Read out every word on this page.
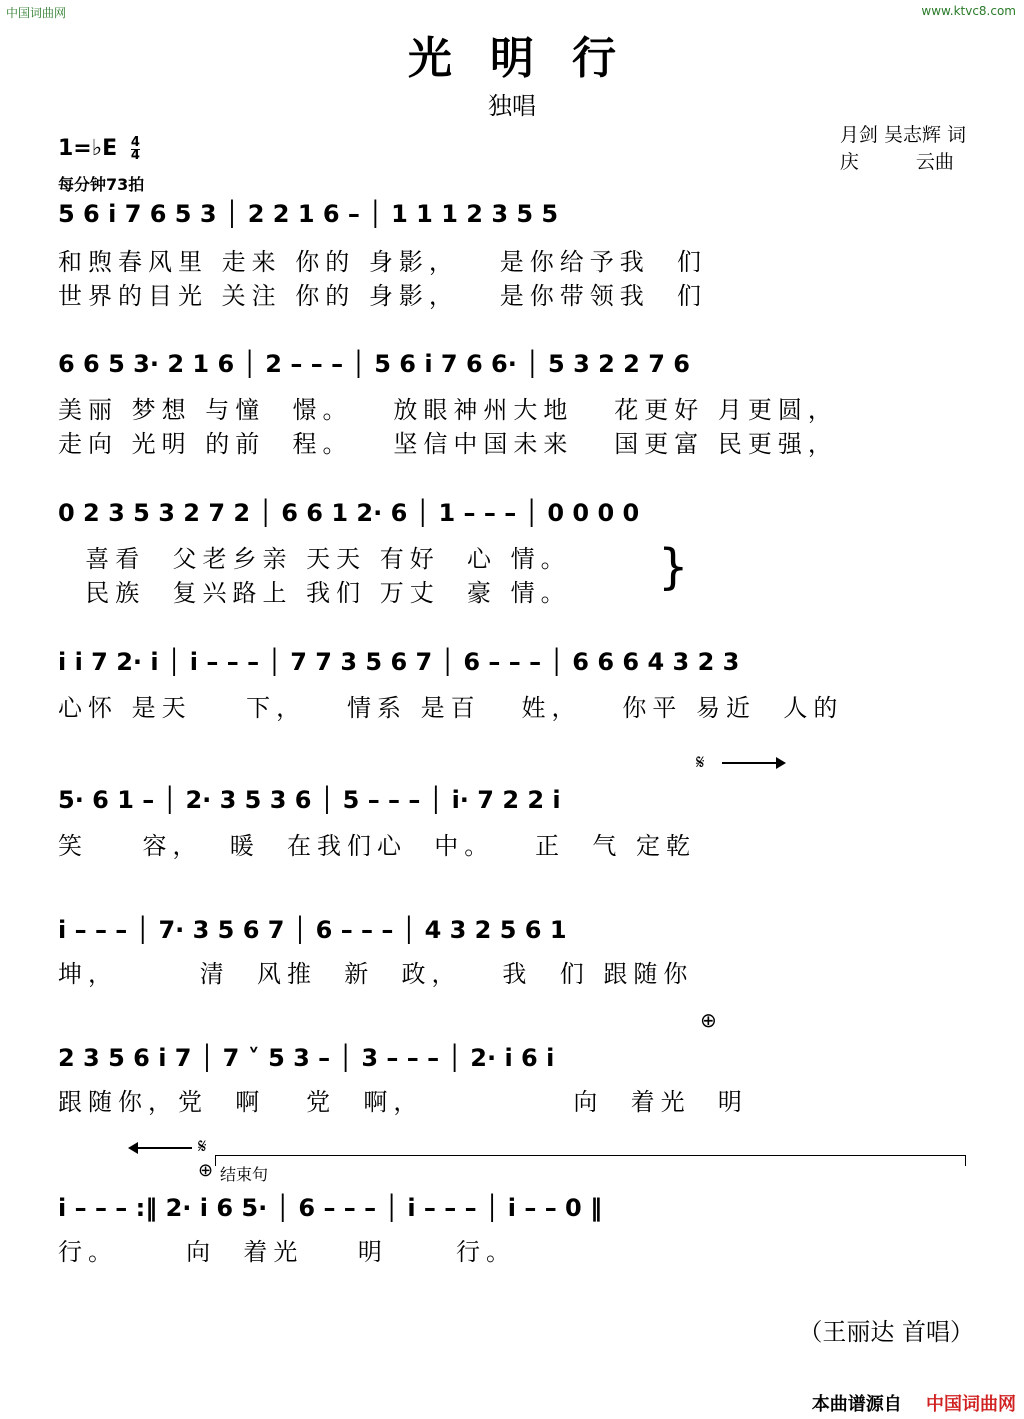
中国词曲网	www.ktvc8.com
光明行
独唱
月剑 吴志辉 词
庆　　　云曲
1=♭E $\frac{4}{4}$
每分钟73拍
5 6 i 7 6 5 3 │ 2 2 1 6 – │ 1 1 1 2 3 5 5
和煦春风里 走来 你的 身影，   是你给予我  们
世界的目光 关注 你的 身影，   是你带领我  们
6 6 5 3· 2 1 6 │ 2 – – – │ 5 6 i 7 6 6· │ 5 3 2 2 7 6
美丽 梦想 与憧  憬。   放眼神州大地   花更好 月更圆，
走向 光明 的前  程。   坚信中国未来   国更富 民更强，
0 2 3 5 3 2 7 2 │ 6 6 1 2· 6 │ 1 – – – │ 0 0 0 0
喜看  父老乡亲 天天 有好  心 情。
民族  复兴路上 我们 万丈  豪 情。	}
i i 7 2· i │ i – – – │ 7 7 3 5 6 7 │ 6 – – – │ 6 6 6 4 3 2 3
心怀 是天    下，   情系 是百   姓，   你平 易近  人的
𝄋
5· 6 1 – │ 2· 3 5 3 6 │ 5 – – – │ i· 7 2 2 i
笑    容，  暖  在我们心  中。   正  气 定乾
i – – – │ 7· 3 5 6 7 │ 6 – – – │ 4 3 2 5 6 1
坤，      清  风推  新  政，   我  们 跟随你
⊕
2 3 5 6 i 7 │ 7 ˅ 5 3 – │ 3 – – – │ 2· i 6 i
跟随你，党  啊   党  啊，           向  着光  明
𝄋
⊕ 结束句
i – – – :‖ 2· i 6 5· │ 6 – – – │ i – – – │ i – – 0 ‖
行。     向  着光    明     行。
（王丽达 首唱）
本曲谱源自 中国词曲网
